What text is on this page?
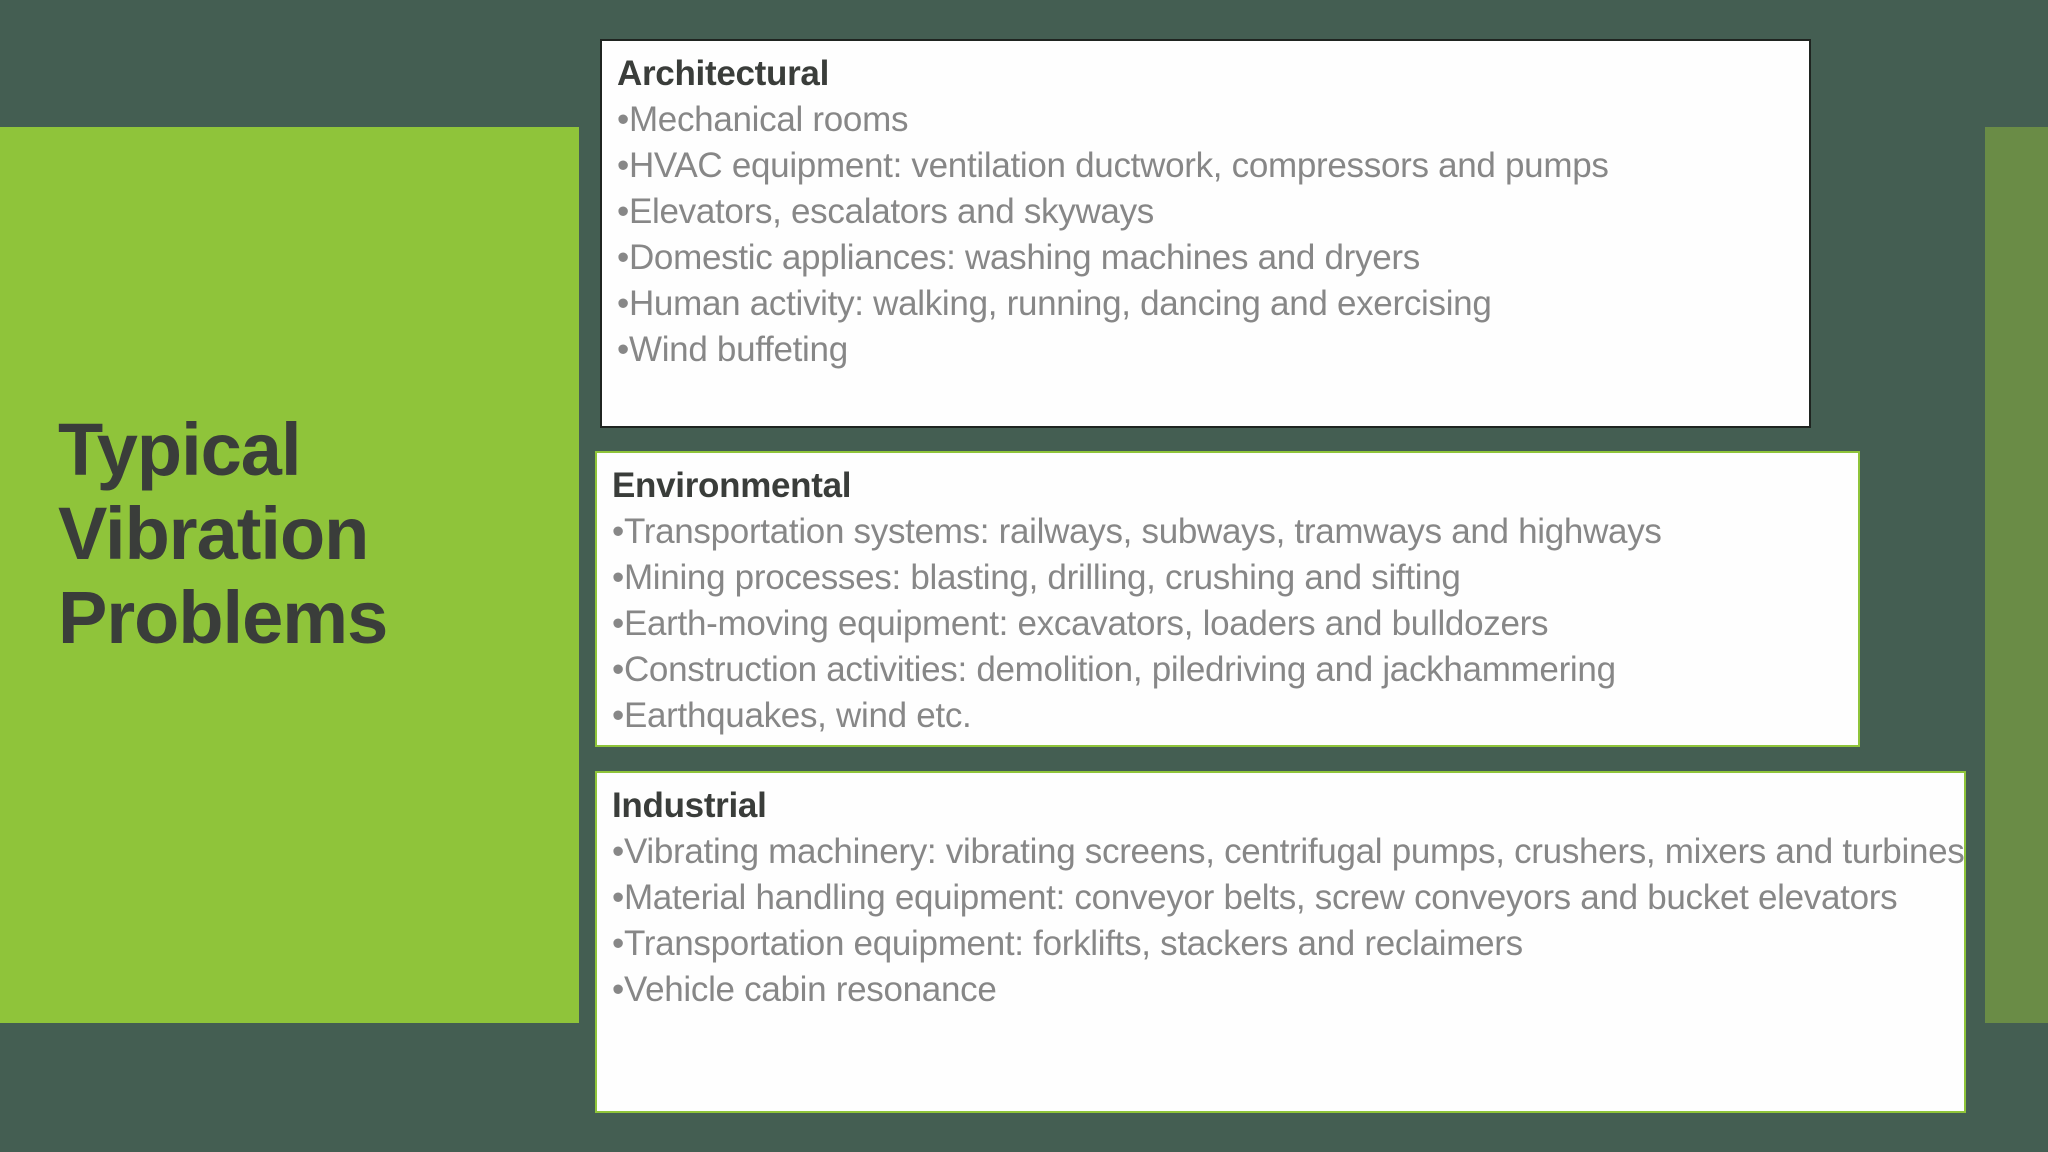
Typical
Vibration
Problems
Architectural
•Mechanical rooms
•HVAC equipment: ventilation ductwork, compressors and pumps
•Elevators, escalators and skyways
•Domestic appliances: washing machines and dryers
•Human activity: walking, running, dancing and exercising
•Wind buffeting
Environmental
•Transportation systems: railways, subways, tramways and highways
•Mining processes: blasting, drilling, crushing and sifting
•Earth-moving equipment: excavators, loaders and bulldozers
•Construction activities: demolition, piledriving and jackhammering
•Earthquakes, wind etc.
Industrial
•Vibrating machinery: vibrating screens, centrifugal pumps, crushers, mixers and turbines
•Material handling equipment: conveyor belts, screw conveyors and bucket elevators
•Transportation equipment: forklifts, stackers and reclaimers
•Vehicle cabin resonance
